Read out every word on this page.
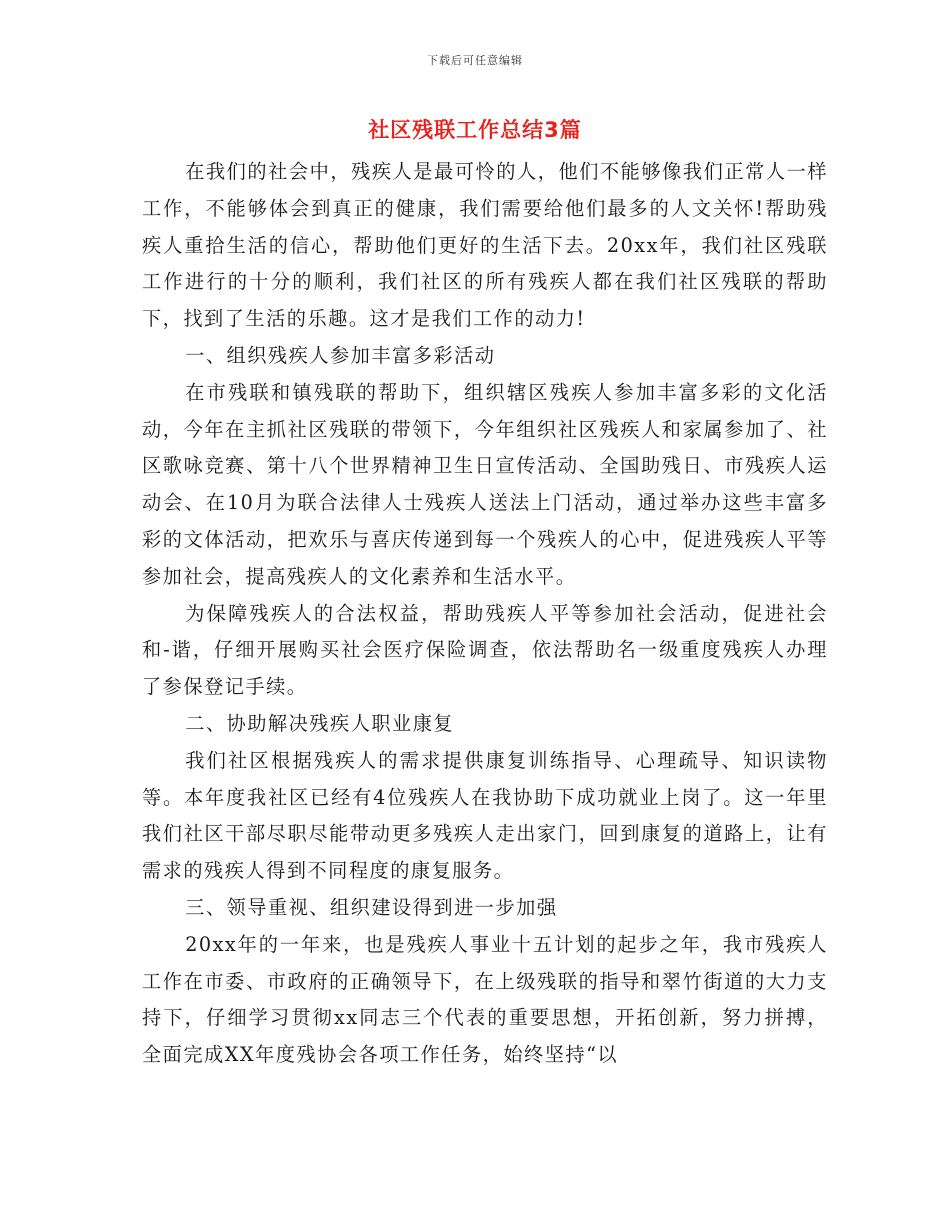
下载后可任意编辑
社区残联工作总结3篇

在我们的社会中，残疾人是最可怜的人，他们不能够像我们正常人一样工作，不能够体会到真正的健康，我们需要给他们最多的人文关怀!帮助残疾人重拾生活的信心，帮助他们更好的生活下去。20xx年，我们社区残联工作进行的十分的顺利，我们社区的所有残疾人都在我们社区残联的帮助下，找到了生活的乐趣。这才是我们工作的动力!

一、组织残疾人参加丰富多彩活动

在市残联和镇残联的帮助下，组织辖区残疾人参加丰富多彩的文化活动，今年在主抓社区残联的带领下，今年组织社区残疾人和家属参加了、社区歌咏竞赛、第十八个世界精神卫生日宣传活动、全国助残日、市残疾人运动会、在10月为联合法律人士残疾人送法上门活动，通过举办这些丰富多彩的文体活动，把欢乐与喜庆传递到每一个残疾人的心中，促进残疾人平等参加社会，提高残疾人的文化素养和生活水平。

为保障残疾人的合法权益，帮助残疾人平等参加社会活动，促进社会和-谐，仔细开展购买社会医疗保险调查，依法帮助名一级重度残疾人办理了参保登记手续。

二、协助解决残疾人职业康复

我们社区根据残疾人的需求提供康复训练指导、心理疏导、知识读物等。本年度我社区已经有4位残疾人在我协助下成功就业上岗了。这一年里我们社区干部尽职尽能带动更多残疾人走出家门，回到康复的道路上，让有需求的残疾人得到不同程度的康复服务。

三、领导重视、组织建设得到进一步加强

20xx年的一年来，也是残疾人事业十五计划的起步之年，我市残疾人工作在市委、市政府的正确领导下，在上级残联的指导和翠竹街道的大力支持下，仔细学习贯彻xx同志三个代表的重要思想，开拓创新，努力拼搏，全面完成XX年度残协会各项工作任务，始终坚持“以
